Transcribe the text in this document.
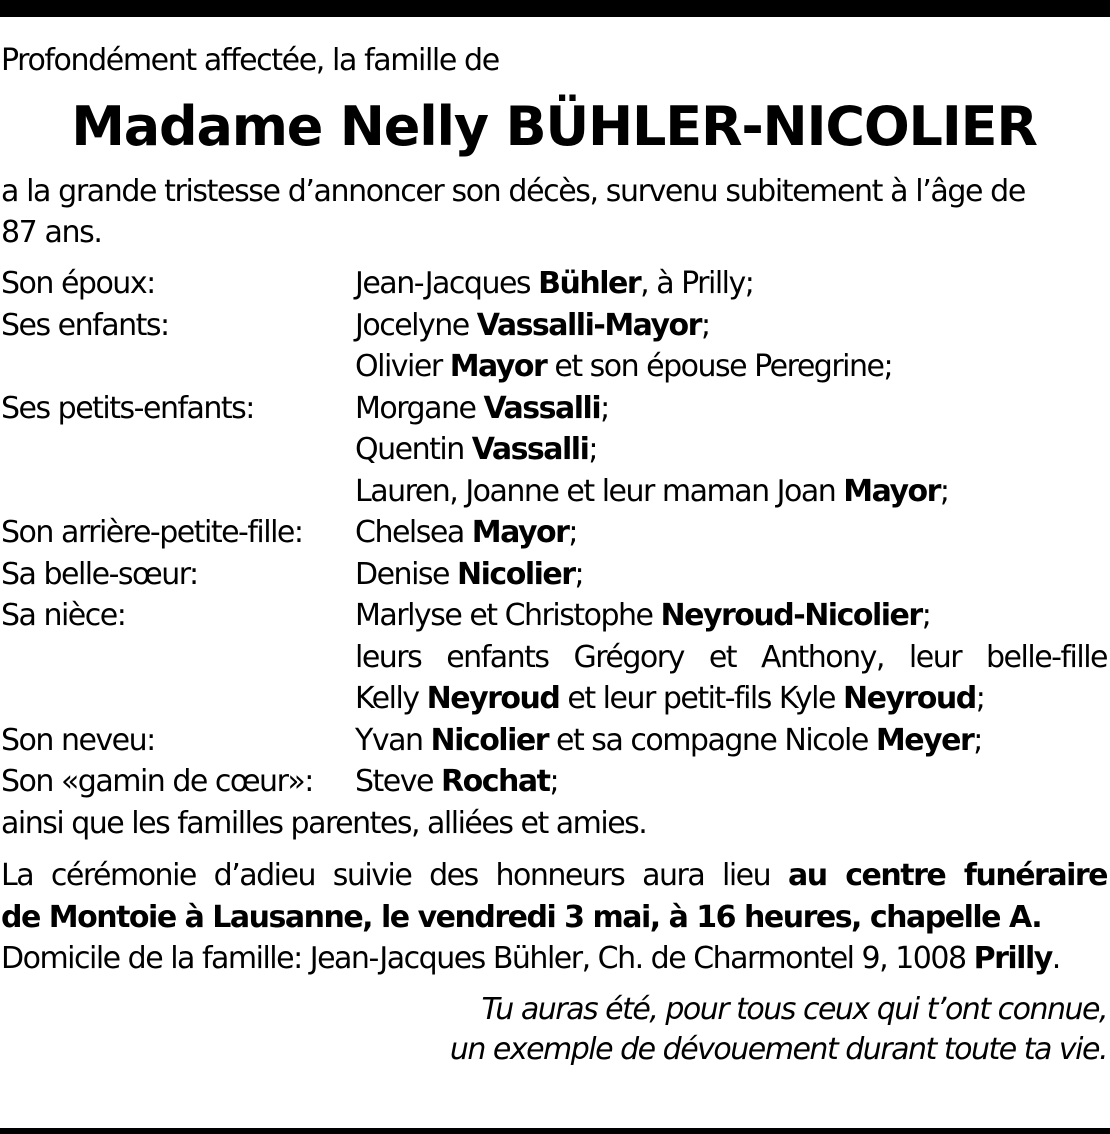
Profondément affectée, la famille de
Madame Nelly BÜHLER-NICOLIER
a la grande tristesse d’annoncer son décès, survenu subitement à l’âge de
87 ans.
Son époux:	Jean-Jacques Bühler, à Prilly;
Ses enfants:	Jocelyne Vassalli-Mayor;
Olivier Mayor et son épouse Peregrine;
Ses petits-enfants:	Morgane Vassalli;
Quentin Vassalli;
Lauren, Joanne et leur maman Joan Mayor;
Son arrière-petite-fille:	Chelsea Mayor;
Sa belle-sœur:	Denise Nicolier;
Sa nièce:	Marlyse et Christophe Neyroud-Nicolier;
leurs enfants Grégory et Anthony, leur belle-fille
Kelly Neyroud et leur petit-fils Kyle Neyroud;
Son neveu:	Yvan Nicolier et sa compagne Nicole Meyer;
Son «gamin de cœur»:	Steve Rochat;
ainsi que les familles parentes, alliées et amies.
La cérémonie d’adieu suivie des honneurs aura lieu au centre funéraire
de Montoie à Lausanne, le vendredi 3 mai, à 16 heures, chapelle A.
Domicile de la famille: Jean-Jacques Bühler, Ch. de Charmontel 9, 1008 Prilly.
Tu auras été, pour tous ceux qui t’ont connue,
un exemple de dévouement durant toute ta vie.
